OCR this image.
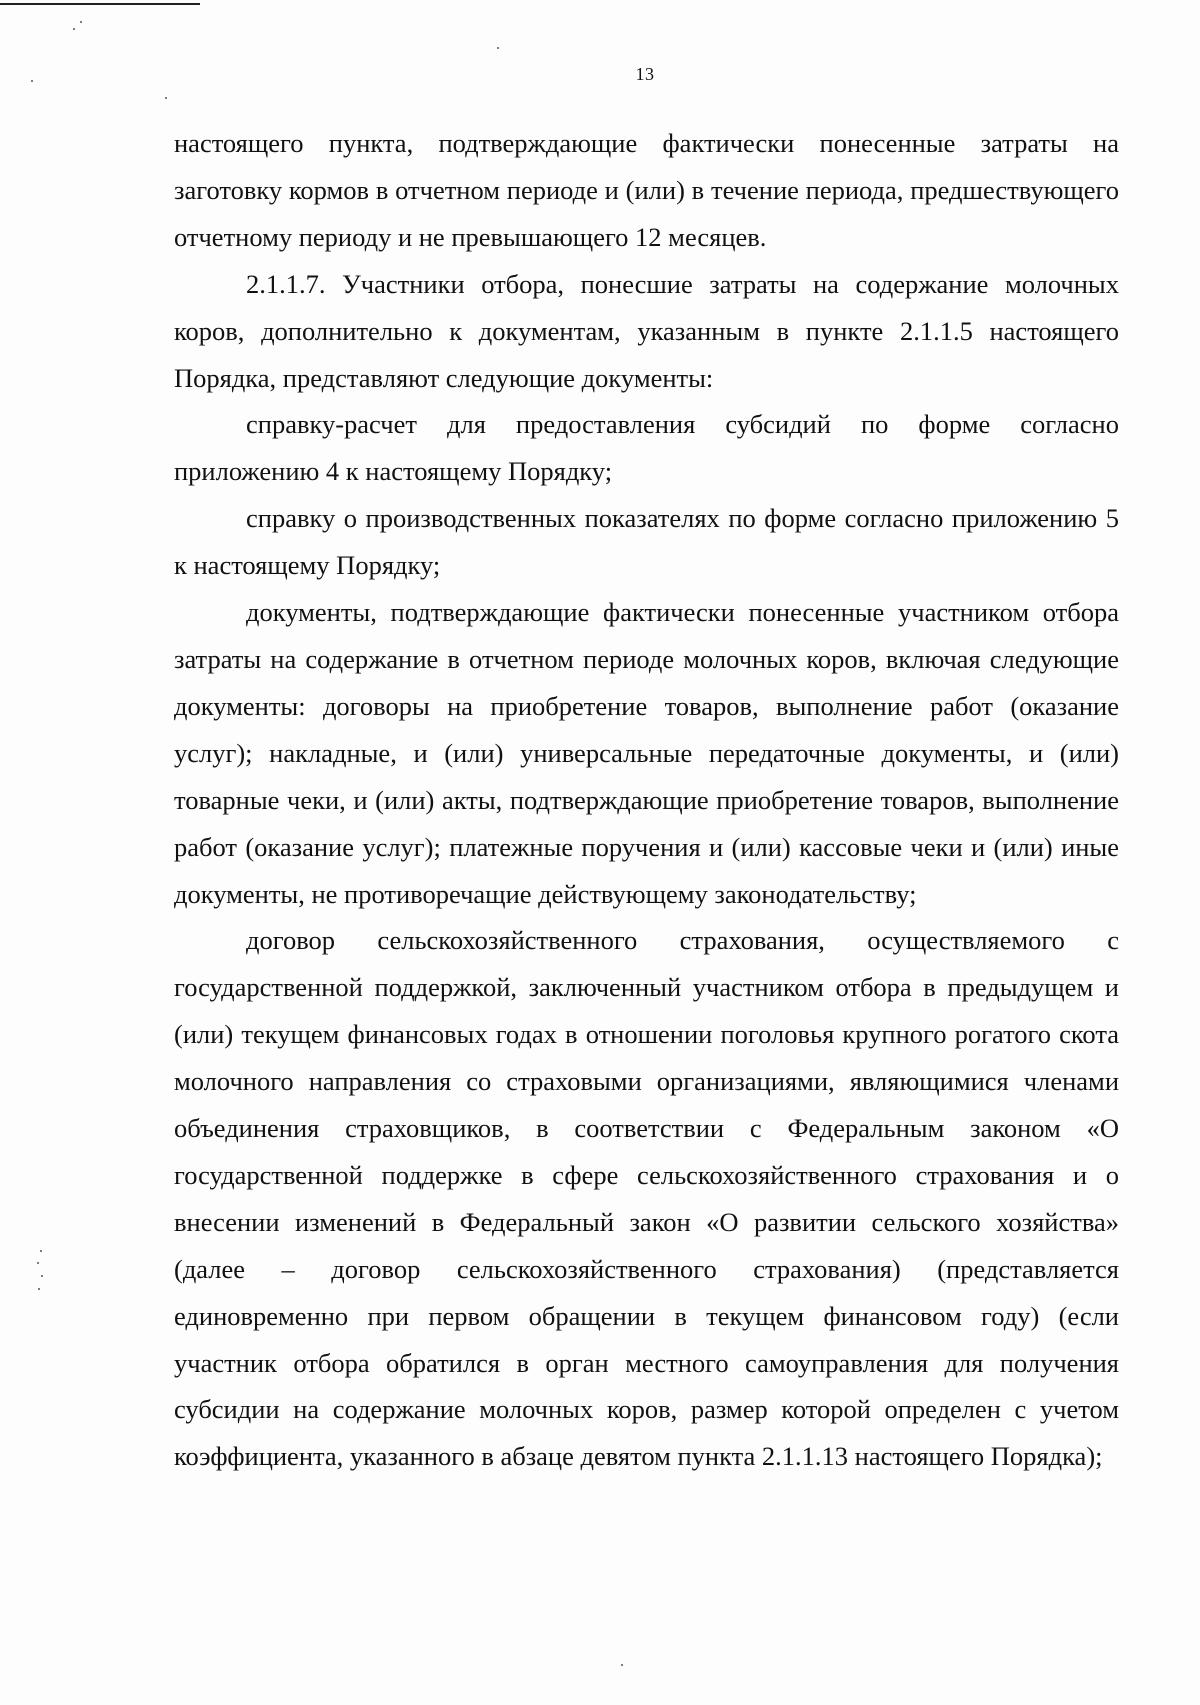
13

настоящего пункта, подтверждающие фактически понесенные затраты на заготовку кормов в отчетном периоде и (или) в течение периода, предшествующего отчетному периоду и не превышающего 12 месяцев.

2.1.1.7. Участники отбора, понесшие затраты на содержание молочных коров, дополнительно к документам, указанным в пункте 2.1.1.5 настоящего Порядка, представляют следующие документы:

справку-расчет для предоставления субсидий по форме согласно приложению 4 к настоящему Порядку;

справку о производственных показателях по форме согласно приложению 5 к настоящему Порядку;

документы, подтверждающие фактически понесенные участником отбора затраты на содержание в отчетном периоде молочных коров, включая следующие документы: договоры на приобретение товаров, выполнение работ (оказание услуг); накладные, и (или) универсальные передаточные документы, и (или) товарные чеки, и (или) акты, подтверждающие приобретение товаров, выполнение работ (оказание услуг); платежные поручения и (или) кассовые чеки и (или) иные документы, не противоречащие действующему законодательству;

договор сельскохозяйственного страхования, осуществляемого с государственной поддержкой, заключенный участником отбора в предыдущем и (или) текущем финансовых годах в отношении поголовья крупного рогатого скота молочного направления со страховыми организациями, являющимися членами объединения страховщиков, в соответствии с Федеральным законом «О государственной поддержке в сфере сельскохозяйственного страхования и о внесении изменений в Федеральный закон «О развитии сельского хозяйства» (далее – договор сельскохозяйственного страхования) (представляется единовременно при первом обращении в текущем финансовом году) (если участник отбора обратился в орган местного самоуправления для получения субсидии на содержание молочных коров, размер которой определен с учетом коэффициента, указанного в абзаце девятом пункта 2.1.1.13 настоящего Порядка);
